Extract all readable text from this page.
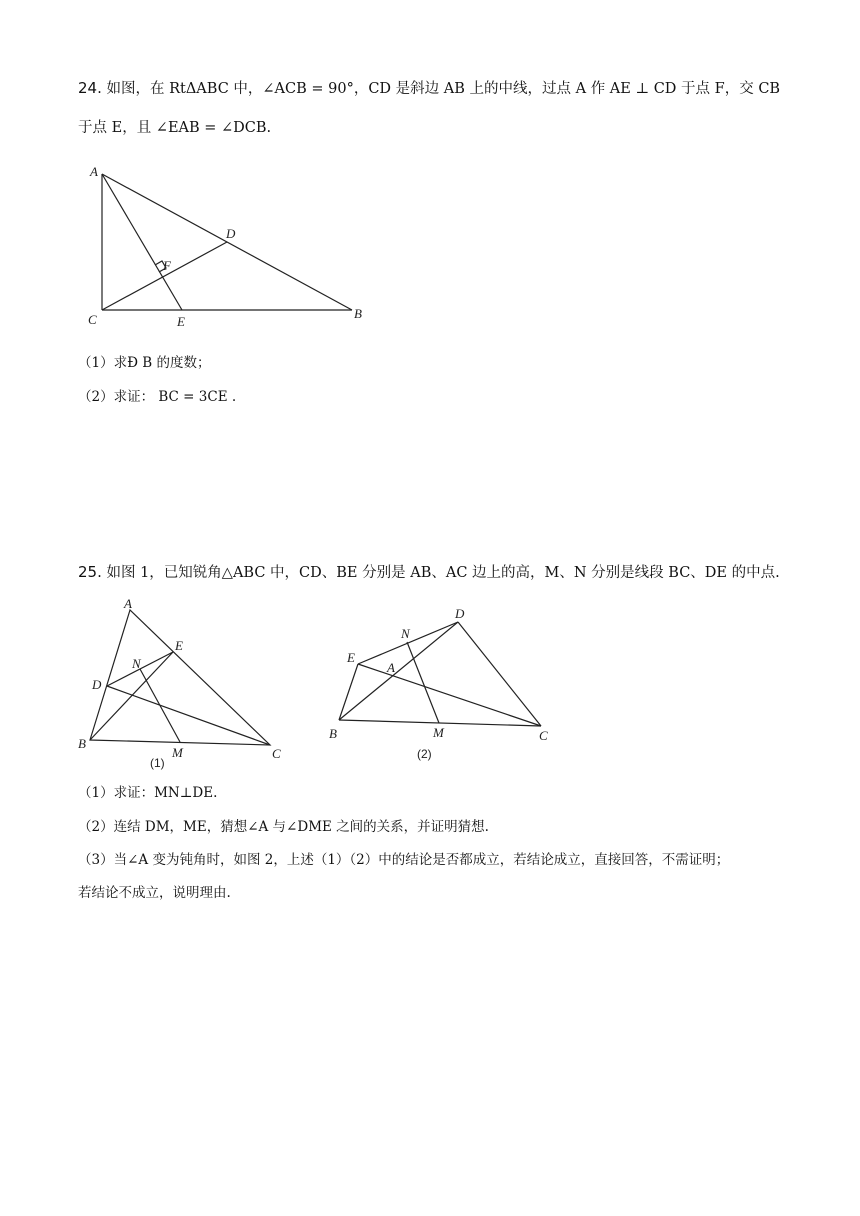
24. 如图，在 RtΔABC 中，∠ACB = 90°，CD 是斜边 AB 上的中线，过点 A 作 AE ⊥ CD 于点 F，交 CB
于点 E，且 ∠EAB = ∠DCB.
A
C	B
D
E
F
（1）求Ð B 的度数；
（2）求证： BC = 3CE .
25. 如图 1，已知锐角△ABC 中，CD、BE 分别是 AB、AC 边上的高，M、N 分别是线段 BC、DE 的中点.
A
B
C
D
E
M
N
(1)
B	C
D
E
A
N
M
(2)
（1）求证：MN⊥DE.
（2）连结 DM，ME，猜想∠A 与∠DME 之间的关系，并证明猜想.
（3）当∠A 变为钝角时，如图 2，上述（1）（2）中的结论是否都成立，若结论成立，直接回答，不需证明；
若结论不成立，说明理由.
